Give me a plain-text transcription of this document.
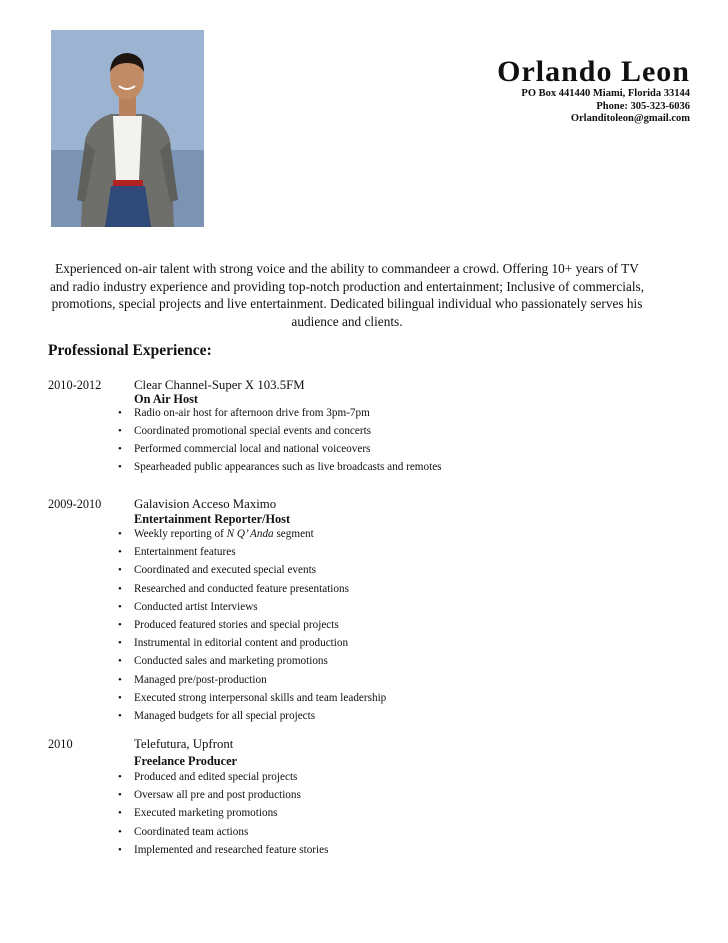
Orlando Leon
PO Box 441440 Miami, Florida 33144
Phone: 305-323-6036
Orlanditoleon@gmail.com
Experienced on-air talent with strong voice and the ability to commandeer a crowd. Offering 10+ years of TV and radio industry experience and providing top-notch production and entertainment; Inclusive of commercials, promotions, special projects and live entertainment. Dedicated bilingual individual who passionately serves his audience and clients.
Professional Experience:
2010-2012	Clear Channel-Super X 103.5FM
On Air Host
• Radio on-air host for afternoon drive from 3pm-7pm
• Coordinated promotional special events and concerts
• Performed commercial local and national voiceovers
• Spearheaded public appearances such as live broadcasts and remotes
2009-2010	Galavision Acceso Maximo
Entertainment Reporter/Host
• Weekly reporting of N Q’ Anda segment
• Entertainment features
• Coordinated and executed special events
• Researched and conducted feature presentations
• Conducted artist Interviews
• Produced featured stories and special projects
• Instrumental in editorial content and production
• Conducted sales and marketing promotions
• Managed pre/post-production
• Executed strong interpersonal skills and team leadership
• Managed budgets for all special projects
2010	Telefutura, Upfront
Freelance Producer
• Produced and edited special projects
• Oversaw all pre and post productions
• Executed marketing promotions
• Coordinated team actions
• Implemented and researched feature stories
